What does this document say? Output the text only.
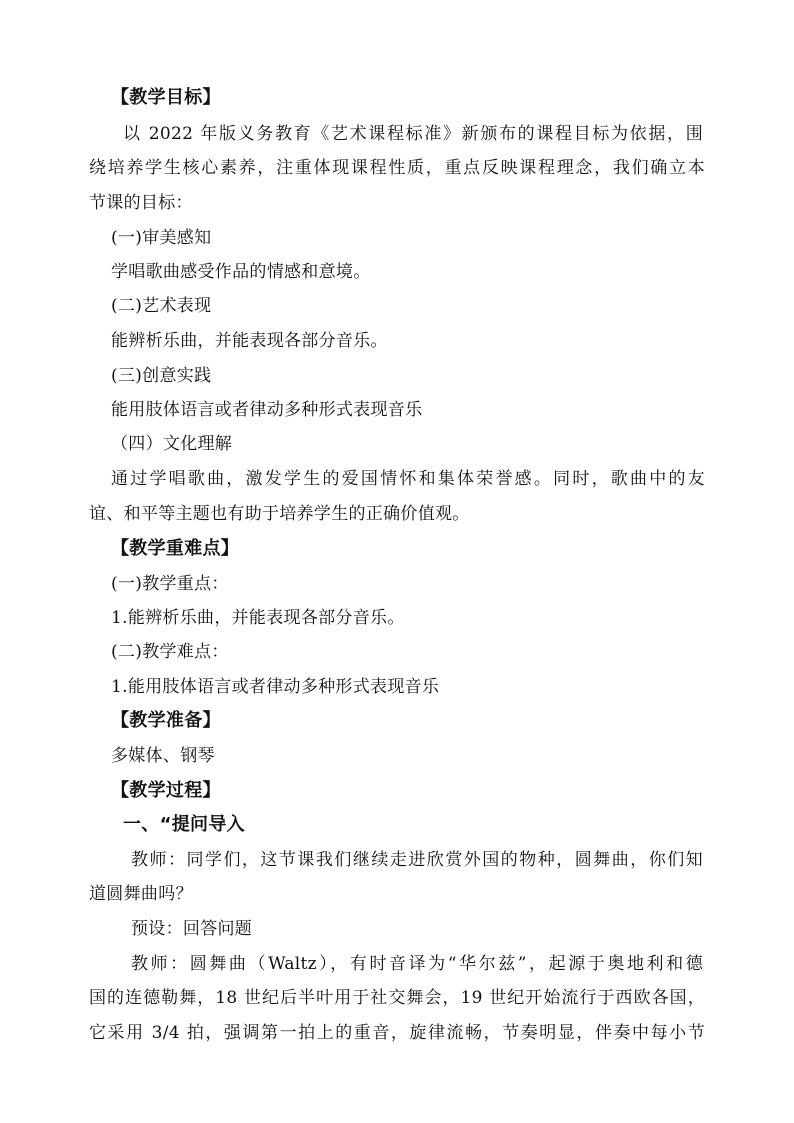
【教学目标】
以 2022 年版义务教育《艺术课程标准》新颁布的课程目标为依据，围
绕培养学生核心素养，注重体现课程性质，重点反映课程理念，我们确立本
节课的目标：
(一)审美感知
学唱歌曲感受作品的情感和意境。
(二)艺术表现
能辨析乐曲，并能表现各部分音乐。
(三)创意实践
能用肢体语言或者律动多种形式表现音乐
（四）文化理解
通过学唱歌曲，激发学生的爱国情怀和集体荣誉感。同时，歌曲中的友
谊、和平等主题也有助于培养学生的正确价值观。
【教学重难点】
(一)教学重点：
1.能辨析乐曲，并能表现各部分音乐。
(二)教学难点：
1.能用肢体语言或者律动多种形式表现音乐
【教学准备】
多媒体、钢琴
【教学过程】
一、“提问导入
教师：同学们，这节课我们继续走进欣赏外国的物种，圆舞曲，你们知
道圆舞曲吗？
预设：回答问题
教师：圆舞曲（Waltz），有时音译为“华尔兹”，起源于奥地利和德
国的连德勒舞，18 世纪后半叶用于社交舞会，19 世纪开始流行于西欧各国，
它采用 3/4 拍，强调第一拍上的重音，旋律流畅，节奏明显，伴奏中每小节
